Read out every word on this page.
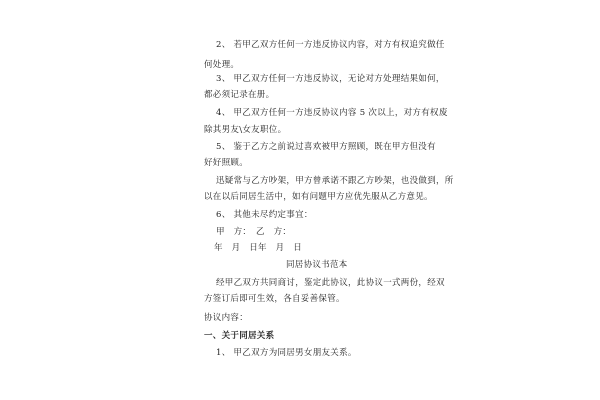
2、 若甲乙双方任何一方违反协议内容，对方有权追究做任
何处理。
3、 甲乙双方任何一方违反协议，无论对方处理结果如何，
都必须记录在册。
4、 甲乙双方任何一方违反协议内容 5 次以上，对方有权废
除其男友\女友职位。
5、 鉴于乙方之前说过喜欢被甲方照顾，既在甲方但没有
好好照顾。
迅疑常与乙方吵架，甲方曾承诺不跟乙方吵架，也没做到，所
以在以后同居生活中，如有问题甲方应优先服从乙方意见。
6、 其他未尽约定事宜：
甲　方： 乙　方：
年　月　日 年　月　日
同居协议书范本
经甲乙双方共同商讨，鉴定此协议，此协议一式两份，经双
方签订后即可生效，各自妥善保管。
协议内容：
一、关于同居关系
1、 甲乙双方为同居男女朋友关系。
